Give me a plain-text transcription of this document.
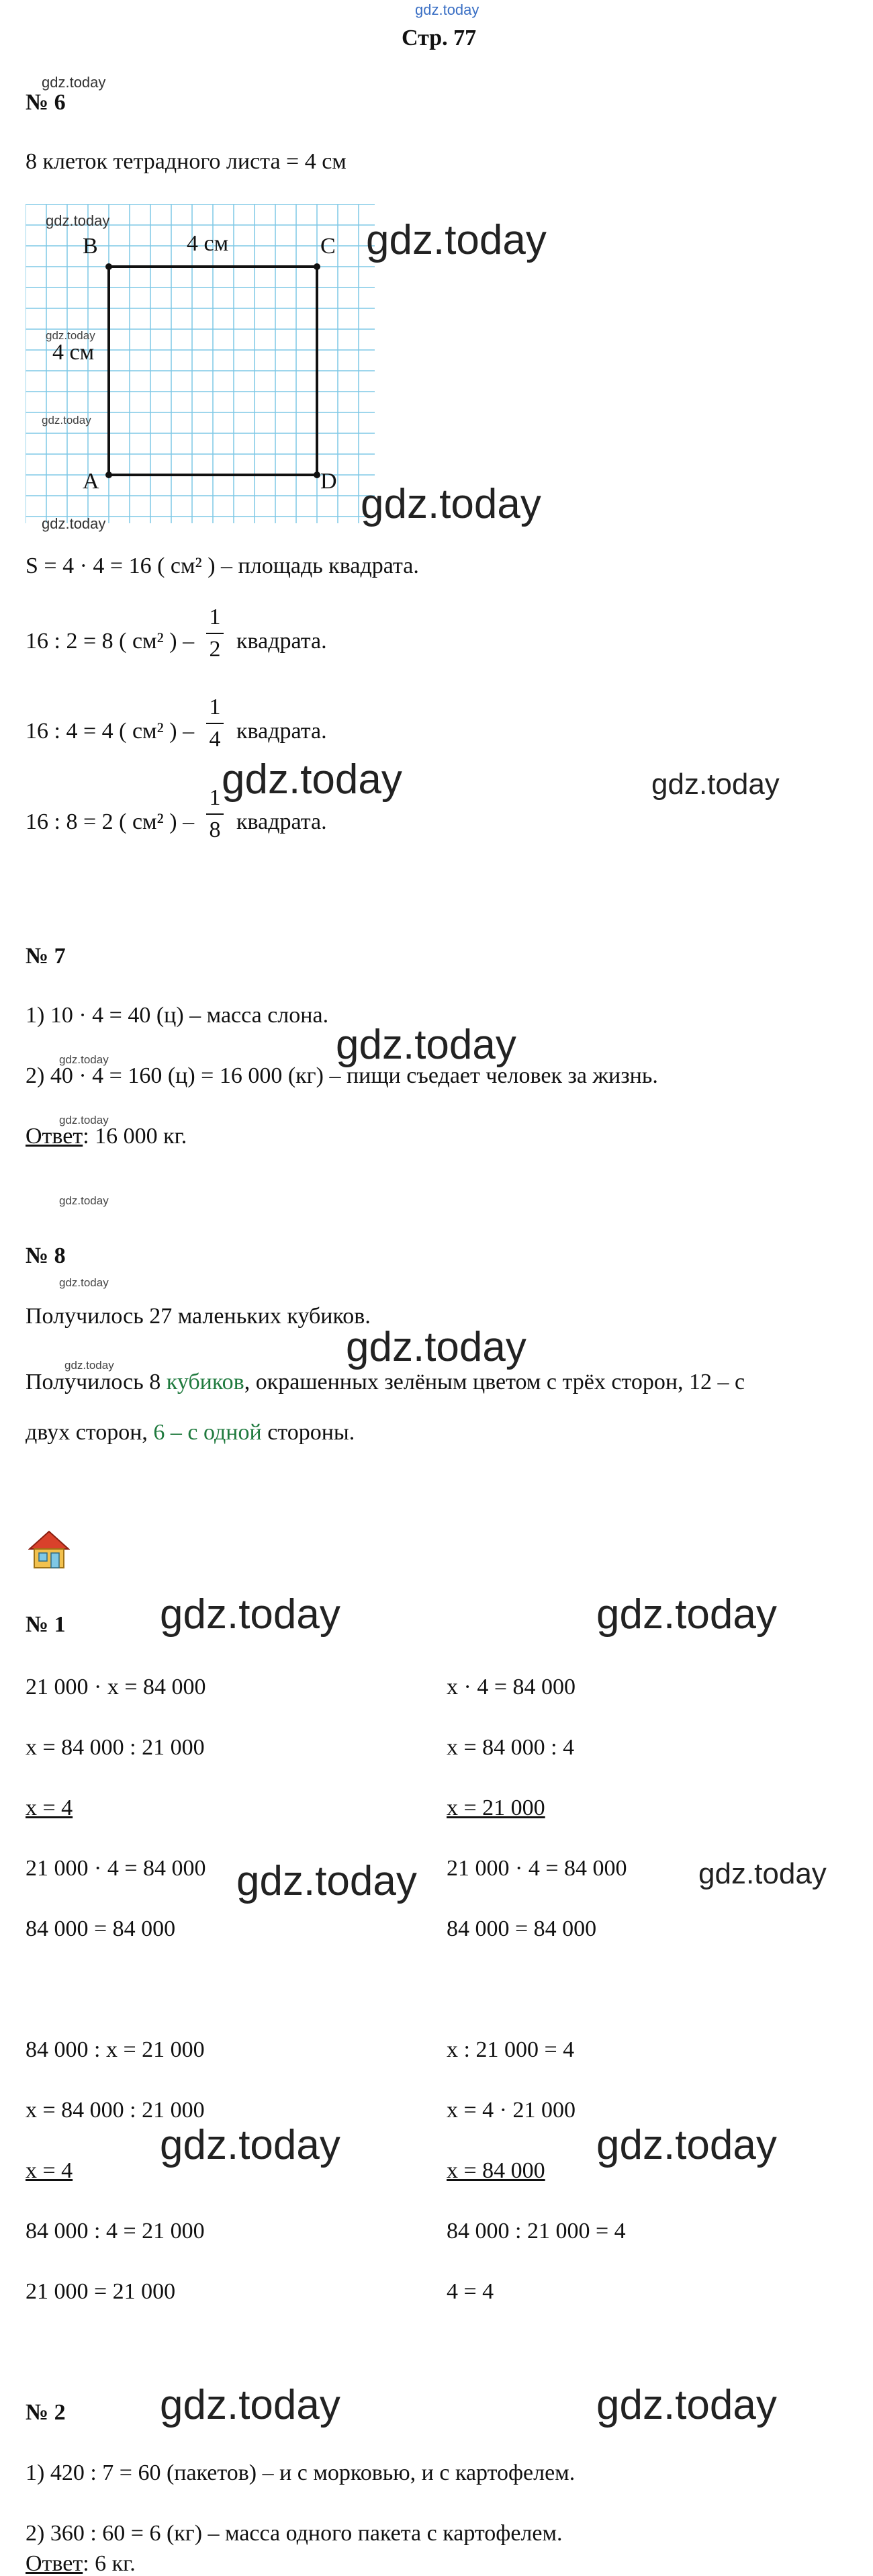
gdz.today
Стр. 77
gdz.today
№ 6
8 клеток тетрадного листа = 4 см
B	C
A	D
4 см
4 см
gdz.today
gdz.today
gdz.today
gdz.today
gdz.today
gdz.today
S = 4 · 4 = 16 ( см² ) – площадь квадрата.
16 : 2 = 8 ( см² ) –
1
2 квадрата.
16 : 4 = 4 ( см² ) –
1
4 квадрата.
gdz.today	gdz.today
16 : 8 = 2 ( см² ) –
1
8 квадрата.
№ 7
1) 10 · 4 = 40 (ц) – масса слона.
gdz.today
gdz.today
2) 40 · 4 = 160 (ц) = 16 000 (кг) – пищи съедает человек за жизнь.
gdz.today
Ответ: 16 000 кг.
gdz.today
№ 8
gdz.today
Получилось 27 маленьких кубиков.
gdz.today
gdz.today
Получилось 8 кубиков, окрашенных зелёным цветом с трёх сторон, 12 – с
двух сторон, 6 – с одной стороны.
№ 1 gdz.today	gdz.today
21 000 · x = 84 000
x = 84 000 : 21 000
x = 4
21 000 · 4 = 84 000
84 000 = 84 000
x · 4 = 84 000
x = 84 000 : 4
x = 21 000
21 000 · 4 = 84 000
84 000 = 84 000
gdz.today	gdz.today
84 000 : x = 21 000
x = 84 000 : 21 000
x = 4
84 000 : 4 = 21 000
21 000 = 21 000
x : 21 000 = 4
x = 4 · 21 000
x = 84 000
84 000 : 21 000 = 4
4 = 4
gdz.today	gdz.today
№ 2 gdz.today	gdz.today
1) 420 : 7 = 60 (пакетов) – и с морковью, и с картофелем.
2) 360 : 60 = 6 (кг) – масса одного пакета с картофелем.
Ответ: 6 кг.
